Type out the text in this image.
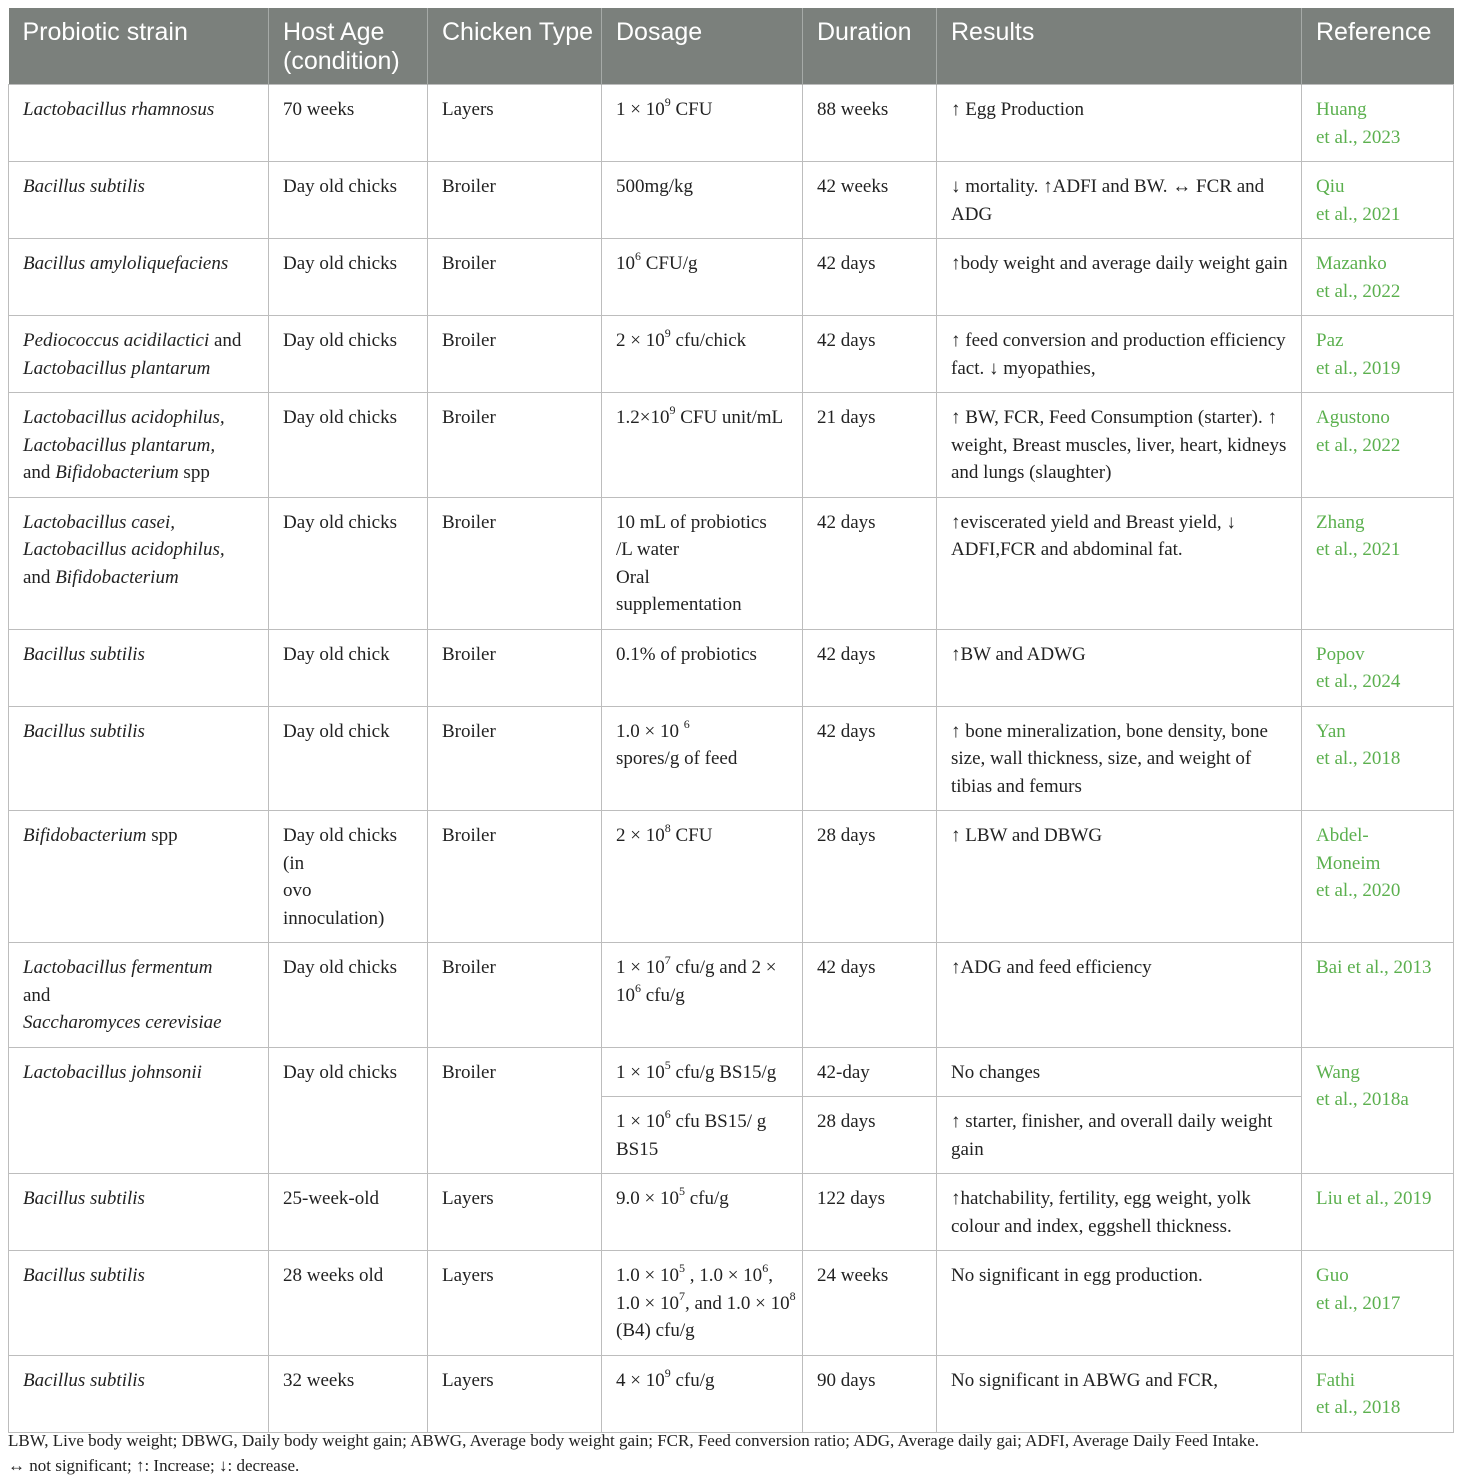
Probiotic strain	Host Age (condition)	Chicken Type	Dosage	Duration	Results	Reference
Lactobacillus rhamnosus	70 weeks	Layers	$1 \times 10^9$ CFU	88 weeks	↑ Egg Production	Huang
et al., 2023
Bacillus subtilis	Day old chicks	Broiler	500mg/kg	42 weeks	↓ mortality. ↑ADFI and BW. ↔ FCR and ADG	Qiu
et al., 2021
Bacillus amyloliquefaciens	Day old chicks	Broiler	$10^6$ CFU/g	42 days	↑body weight and average daily weight gain	Mazanko
et al., 2022
Pediococcus acidilactici and
Lactobacillus plantarum	Day old chicks	Broiler	$2 \times 10^9$ cfu/chick	42 days	↑ feed conversion and production efficiency fact. ↓ myopathies,	Paz
et al., 2019
Lactobacillus acidophilus,
Lactobacillus plantarum,
and Bifidobacterium spp	Day old chicks	Broiler	$1.2\times 10^9$ CFU unit/mL	21 days	↑ BW, FCR, Feed Consumption (starter). ↑ weight, Breast muscles, liver, heart, kidneys and lungs (slaughter)	Agustono
et al., 2022
Lactobacillus casei,
Lactobacillus acidophilus,
and Bifidobacterium	Day old chicks	Broiler	10 mL of probiotics
/L water
Oral
supplementation	42 days	↑eviscerated yield and Breast yield, ↓ ADFI,FCR and abdominal fat.	Zhang
et al., 2021
Bacillus subtilis	Day old chick	Broiler	0.1% of probiotics	42 days	↑BW and ADWG	Popov
et al., 2024
Bacillus subtilis	Day old chick	Broiler	1.0 × 10 $^6$
spores/g of feed	42 days	↑ bone mineralization, bone density, bone size, wall thickness, size, and weight of tibias and femurs	Yan
et al., 2018
Bifidobacterium spp	Day old chicks
(in
ovo
innoculation)	Broiler	$2 \times 10^8$ CFU	28 days	↑ LBW and DBWG	Abdel-
Moneim
et al., 2020
Lactobacillus fermentum
and
Saccharomyces cerevisiae	Day old chicks	Broiler	$1 \times 10^7$ cfu/g and $2 \times 10^6$ cfu/g	42 days	↑ADG and feed efficiency	Bai et al., 2013
Lactobacillus johnsonii	Day old chicks	Broiler	$1 \times 10^5$ cfu/g BS15/g	42-day	No changes	Wang
et al., 2018a
			$1 \times 10^6$ cfu BS15/ g BS15	28 days	↑ starter, finisher, and overall daily weight gain	
Bacillus subtilis	25-week-old	Layers	$9.0 \times 10^5$ cfu/g	122 days	↑hatchability, fertility, egg weight, yolk colour and index, eggshell thickness.	Liu et al., 2019
Bacillus subtilis	28 weeks old	Layers	$1.0 \times 10^5$ , $1.0 \times 10^6$, $1.0 \times 10^7$, and $1.0 \times 10^8$ (B4) cfu/g	24 weeks	No significant in egg production.	Guo
et al., 2017
Bacillus subtilis	32 weeks	Layers	$4 \times 10^9$ cfu/g	90 days	No significant in ABWG and FCR,	Fathi
et al., 2018
LBW, Live body weight; DBWG, Daily body weight gain; ABWG, Average body weight gain; FCR, Feed conversion ratio; ADG, Average daily gai; ADFI, Average Daily Feed Intake.
↔ not significant; ↑: Increase; ↓: decrease.
